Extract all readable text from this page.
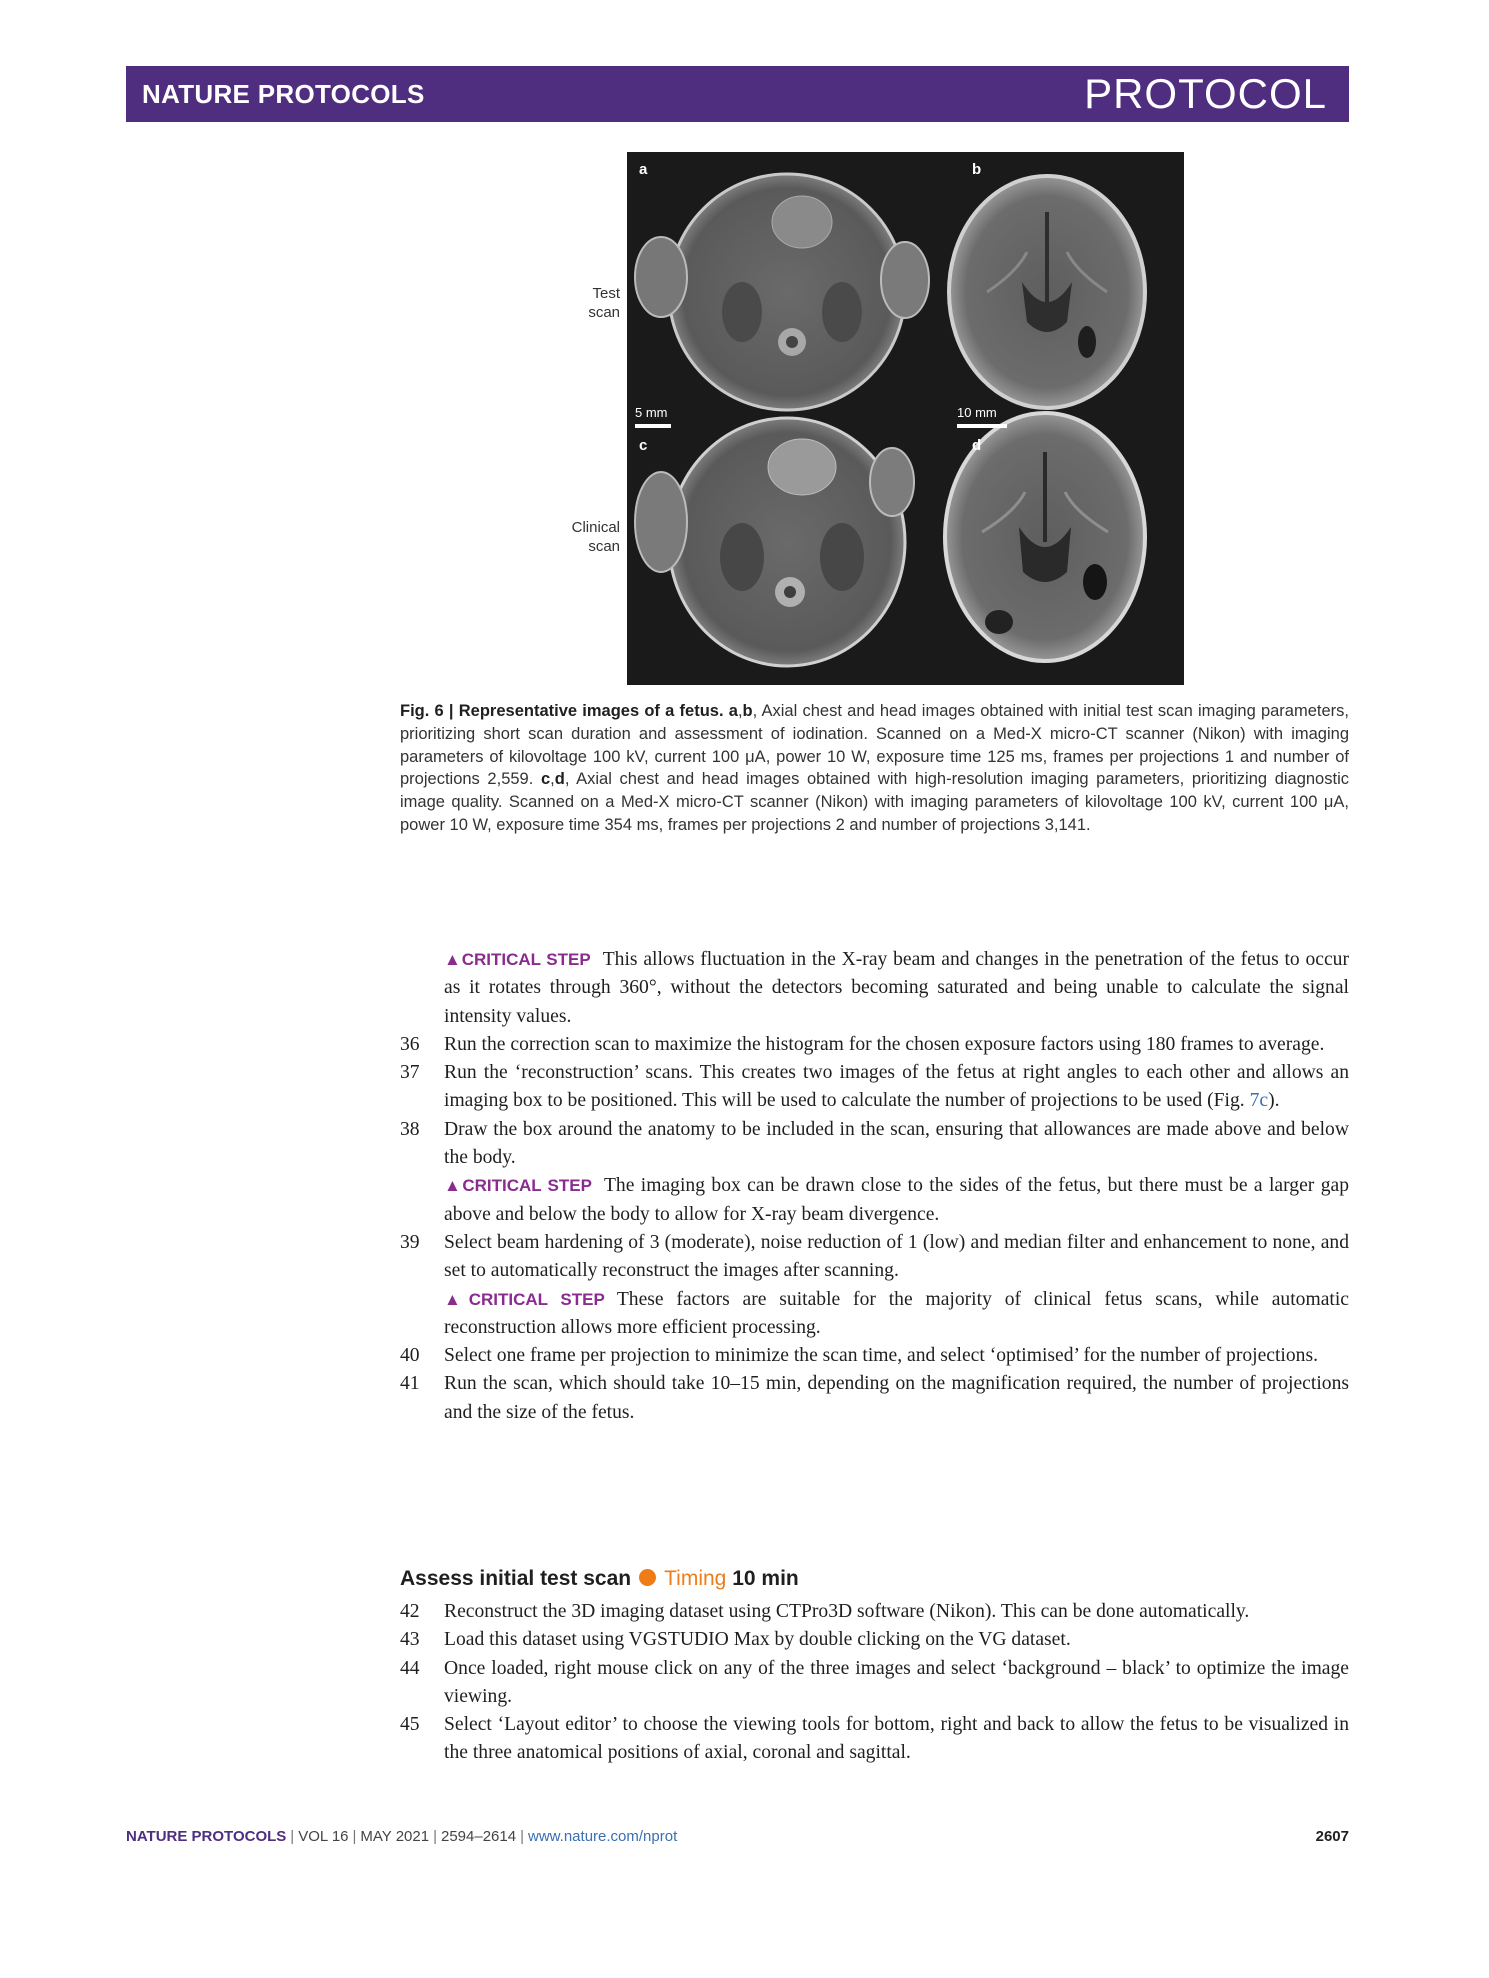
NATURE PROTOCOLS	PROTOCOL
Test
scan
Clinical
scan
a	b
c	d
5 mm	10 mm
Fig. 6 | Representative images of a fetus. a,b, Axial chest and head images obtained with initial test scan imaging parameters, prioritizing short scan duration and assessment of iodination. Scanned on a Med-X micro-CT scanner (Nikon) with imaging parameters of kilovoltage 100 kV, current 100 μA, power 10 W, exposure time 125 ms, frames per projections 1 and number of projections 2,559. c,d, Axial chest and head images obtained with high-resolution imaging parameters, prioritizing diagnostic image quality. Scanned on a Med-X micro-CT scanner (Nikon) with imaging parameters of kilovoltage 100 kV, current 100 μA, power 10 W, exposure time 354 ms, frames per projections 2 and number of projections 3,141.
▲CRITICAL STEP This allows fluctuation in the X-ray beam and changes in the penetration of the fetus to occur as it rotates through 360°, without the detectors becoming saturated and being unable to calculate the signal intensity values.
36 Run the correction scan to maximize the histogram for the chosen exposure factors using 180 frames to average.
37 Run the ‘reconstruction’ scans. This creates two images of the fetus at right angles to each other and allows an imaging box to be positioned. This will be used to calculate the number of projections to be used (Fig. 7c).
38 Draw the box around the anatomy to be included in the scan, ensuring that allowances are made above and below the body.
▲CRITICAL STEP The imaging box can be drawn close to the sides of the fetus, but there must be a larger gap above and below the body to allow for X-ray beam divergence.
39 Select beam hardening of 3 (moderate), noise reduction of 1 (low) and median filter and enhancement to none, and set to automatically reconstruct the images after scanning.
▲CRITICAL STEP These factors are suitable for the majority of clinical fetus scans, while automatic reconstruction allows more efficient processing.
40 Select one frame per projection to minimize the scan time, and select ‘optimised’ for the number of projections.
41 Run the scan, which should take 10–15 min, depending on the magnification required, the number of projections and the size of the fetus.
Assess initial test scan Timing 10 min
42 Reconstruct the 3D imaging dataset using CTPro3D software (Nikon). This can be done automatically.
43 Load this dataset using VGSTUDIO Max by double clicking on the VG dataset.
44 Once loaded, right mouse click on any of the three images and select ‘background – black’ to optimize the image viewing.
45 Select ‘Layout editor’ to choose the viewing tools for bottom, right and back to allow the fetus to be visualized in the three anatomical positions of axial, coronal and sagittal.
NATURE PROTOCOLS | VOL 16 | MAY 2021 | 2594–2614 | www.nature.com/nprot	2607
